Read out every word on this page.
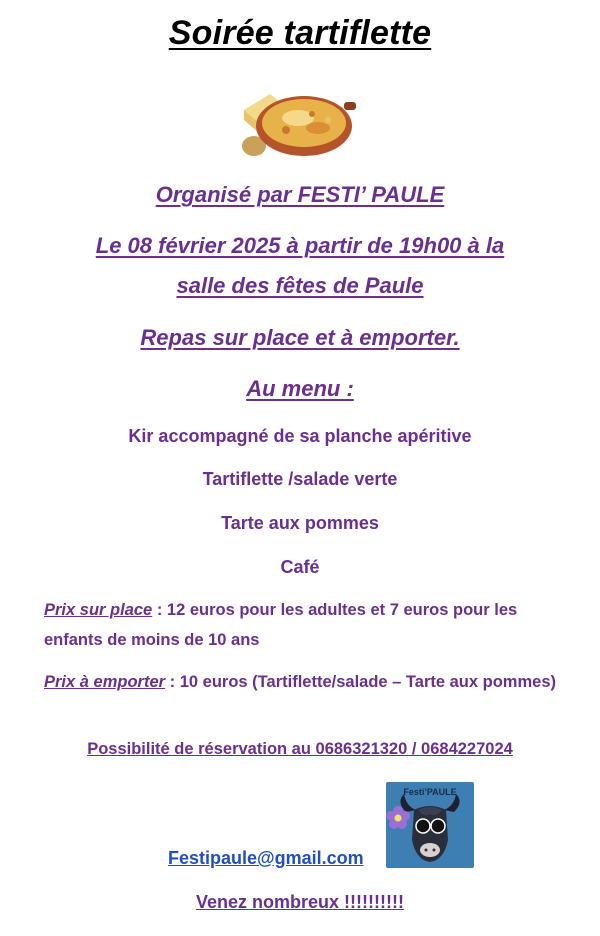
Soirée tartiflette
Organisé par FESTI’ PAULE
Le 08 février 2025 à partir de 19h00 à la
salle des fêtes de Paule
Repas sur place et à emporter.
Au menu :
Kir accompagné de sa planche apéritive
Tartiflette /salade verte
Tarte aux pommes
Café
Prix sur place : 12 euros pour les adultes et 7 euros pour les enfants de moins de 10 ans
Prix à emporter : 10 euros (Tartiflette/salade – Tarte aux pommes)
Possibilité de réservation au 0686321320 / 0684227024
Festi’PAULE
Festipaule@gmail.com
Venez nombreux !!!!!!!!!!
